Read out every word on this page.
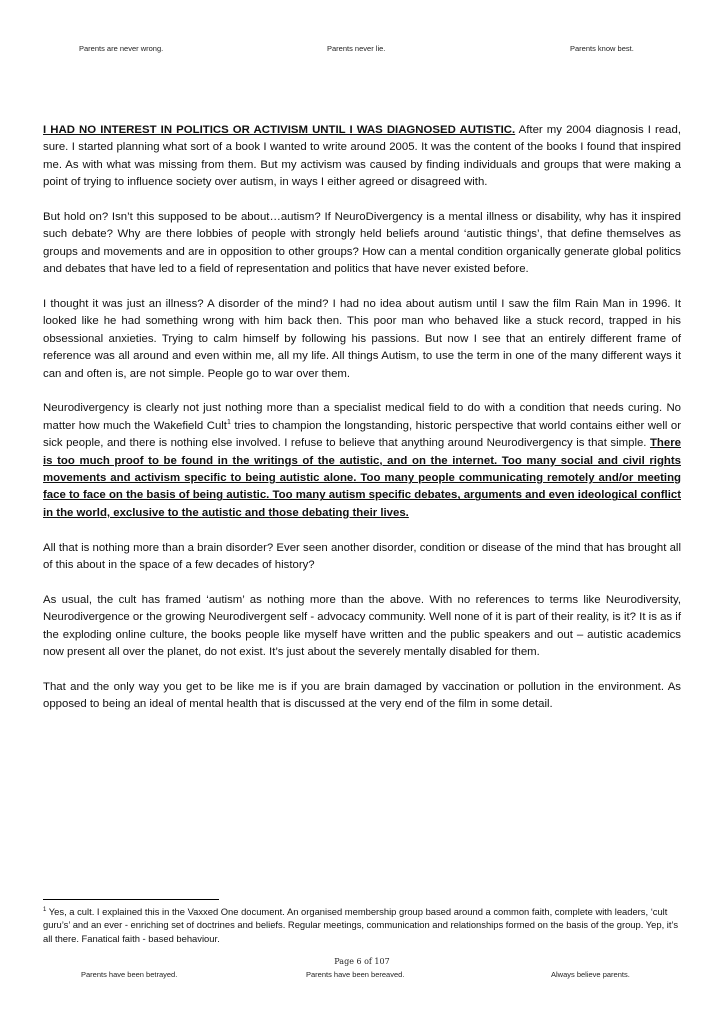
Parents are never wrong.	Parents never lie.	Parents know best.

I HAD NO INTEREST IN POLITICS OR ACTIVISM UNTIL I WAS DIAGNOSED AUTISTIC. After my 2004 diagnosis I read, sure. I started planning what sort of a book I wanted to write around 2005. It was the content of the books I found that inspired me. As with what was missing from them. But my activism was caused by finding individuals and groups that were making a point of trying to influence society over autism, in ways I either agreed or disagreed with.

But hold on? Isn’t this supposed to be about…autism? If NeuroDivergency is a mental illness or disability, why has it inspired such debate? Why are there lobbies of people with strongly held beliefs around ‘autistic things’, that define themselves as groups and movements and are in opposition to other groups? How can a mental condition organically generate global politics and debates that have led to a field of representation and politics that have never existed before.

I thought it was just an illness? A disorder of the mind? I had no idea about autism until I saw the film Rain Man in 1996. It looked like he had something wrong with him back then. This poor man who behaved like a stuck record, trapped in his obsessional anxieties. Trying to calm himself by following his passions. But now I see that an entirely different frame of reference was all around and even within me, all my life. All things Autism, to use the term in one of the many different ways it can and often is, are not simple. People go to war over them.

Neurodivergency is clearly not just nothing more than a specialist medical field to do with a condition that needs curing. No matter how much the Wakefield Cult$^1$ tries to champion the longstanding, historic perspective that world contains either well or sick people, and there is nothing else involved. I refuse to believe that anything around Neurodivergency is that simple. There is too much proof to be found in the writings of the autistic, and on the internet. Too many social and civil rights movements and activism specific to being autistic alone. Too many people communicating remotely and/or meeting face to face on the basis of being autistic. Too many autism specific debates, arguments and even ideological conflict in the world, exclusive to the autistic and those debating their lives.

All that is nothing more than a brain disorder? Ever seen another disorder, condition or disease of the mind that has brought all of this about in the space of a few decades of history?

As usual, the cult has framed ‘autism’ as nothing more than the above. With no references to terms like Neurodiversity, Neurodivergence or the growing Neurodivergent self - advocacy community. Well none of it is part of their reality, is it? It is as if the exploding online culture, the books people like myself have written and the public speakers and out – autistic academics now present all over the planet, do not exist. It’s just about the severely mentally disabled for them.

That and the only way you get to be like me is if you are brain damaged by vaccination or pollution in the environment. As opposed to being an ideal of mental health that is discussed at the very end of the film in some detail.

$^1$ Yes, a cult. I explained this in the Vaxxed One document. An organised membership group based around a common faith, complete with leaders, ‘cult guru’s’ and an ever - enriching set of doctrines and beliefs. Regular meetings, communication and relationships formed on the basis of the group. Yep, it’s all there. Fanatical faith - based behaviour.
Page 6 of 107
Parents have been betrayed.	Parents have been bereaved.	Always believe parents.
